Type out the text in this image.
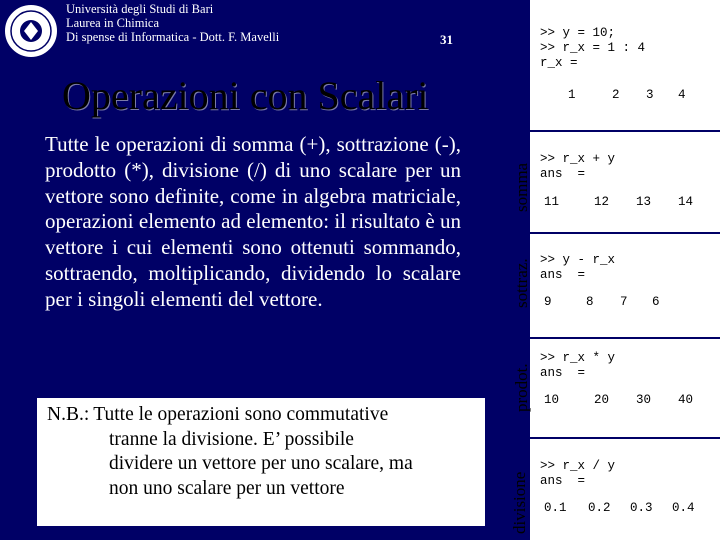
Università degli Studi di Bari
Laurea in Chimica
Di spense di Informatica - Dott. F. Mavelli	31
Operazioni con Scalari
Tutte le operazioni di somma (+), sottrazione (-), prodotto (*), divisione (/) di uno scalare per un vettore sono definite, come in algebra matriciale, operazioni elemento ad elemento: il risultato è un vettore i cui elementi sono ottenuti sommando, sottraendo, moltiplicando, dividendo lo scalare per i singoli elementi del vettore.
N.B.: Tutte le operazioni sono commutative
tranne la divisione. E’ possibile
dividere un vettore per uno scalare, ma
non uno scalare per un vettore
>> y = 10;
>> r_x = 1 : 4
r_x =
1	2 3 4
somma
>> r_x + y
ans  =
11	12 13 14
sottraz. >> y - r_x
ans  =
9	8 7 6
prodot.
>> r_x * y
ans  =
10	20 30 40
divisione
>> r_x / y
ans  =
0.1 0.2 0.3 0.4
